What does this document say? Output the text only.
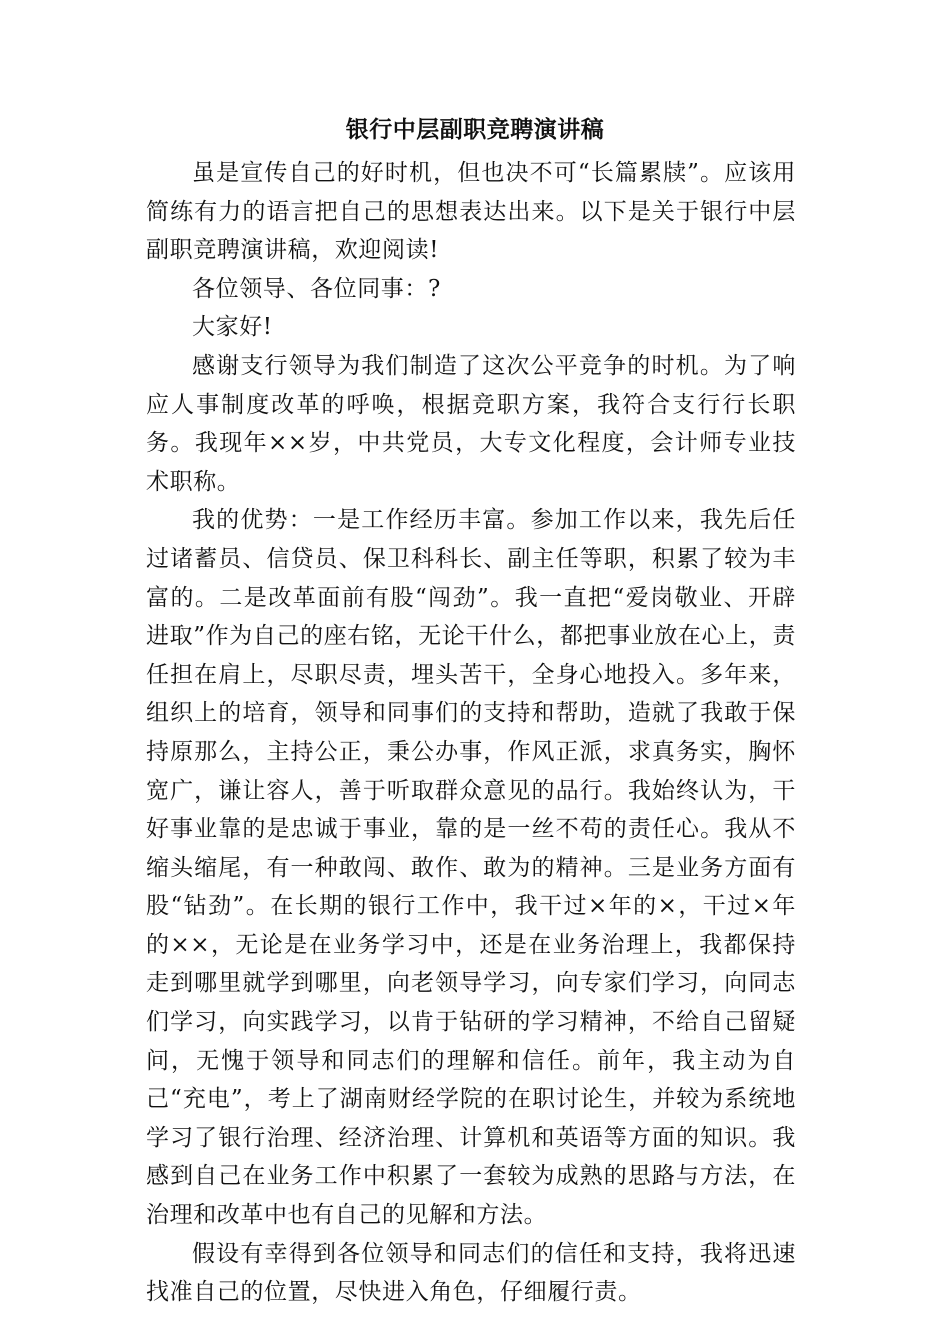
银行中层副职竞聘演讲稿

虽是宣传自己的好时机，但也决不可“长篇累牍”。应该用简练有力的语言把自己的思想表达出来。以下是关于银行中层副职竞聘演讲稿，欢迎阅读!

各位领导、各位同事：?

大家好!

感谢支行领导为我们制造了这次公平竞争的时机。为了响应人事制度改革的呼唤，根据竞职方案，我符合支行行长职务。我现年××岁，中共党员，大专文化程度，会计师专业技术职称。

我的优势：一是工作经历丰富。参加工作以来，我先后任过诸蓄员、信贷员、保卫科科长、副主任等职，积累了较为丰富的。二是改革面前有股“闯劲”。我一直把“爱岗敬业、开辟进取”作为自己的座右铭，无论干什么，都把事业放在心上，责任担在肩上，尽职尽责，埋头苦干，全身心地投入。多年来，组织上的培育，领导和同事们的支持和帮助，造就了我敢于保持原那么，主持公正，秉公办事，作风正派，求真务实，胸怀宽广，谦让容人，善于听取群众意见的品行。我始终认为，干好事业靠的是忠诚于事业，靠的是一丝不苟的责任心。我从不缩头缩尾，有一种敢闯、敢作、敢为的精神。三是业务方面有股“钻劲”。在长期的银行工作中，我干过×年的×，干过×年的××，无论是在业务学习中，还是在业务治理上，我都保持走到哪里就学到哪里，向老领导学习，向专家们学习，向同志们学习，向实践学习，以肯于钻研的学习精神，不给自己留疑问，无愧于领导和同志们的理解和信任。前年，我主动为自己“充电”，考上了湖南财经学院的在职讨论生，并较为系统地学习了银行治理、经济治理、计算机和英语等方面的知识。我感到自己在业务工作中积累了一套较为成熟的思路与方法，在治理和改革中也有自己的见解和方法。

假设有幸得到各位领导和同志们的信任和支持，我将迅速找准自己的位置，尽快进入角色，仔细履行责。
